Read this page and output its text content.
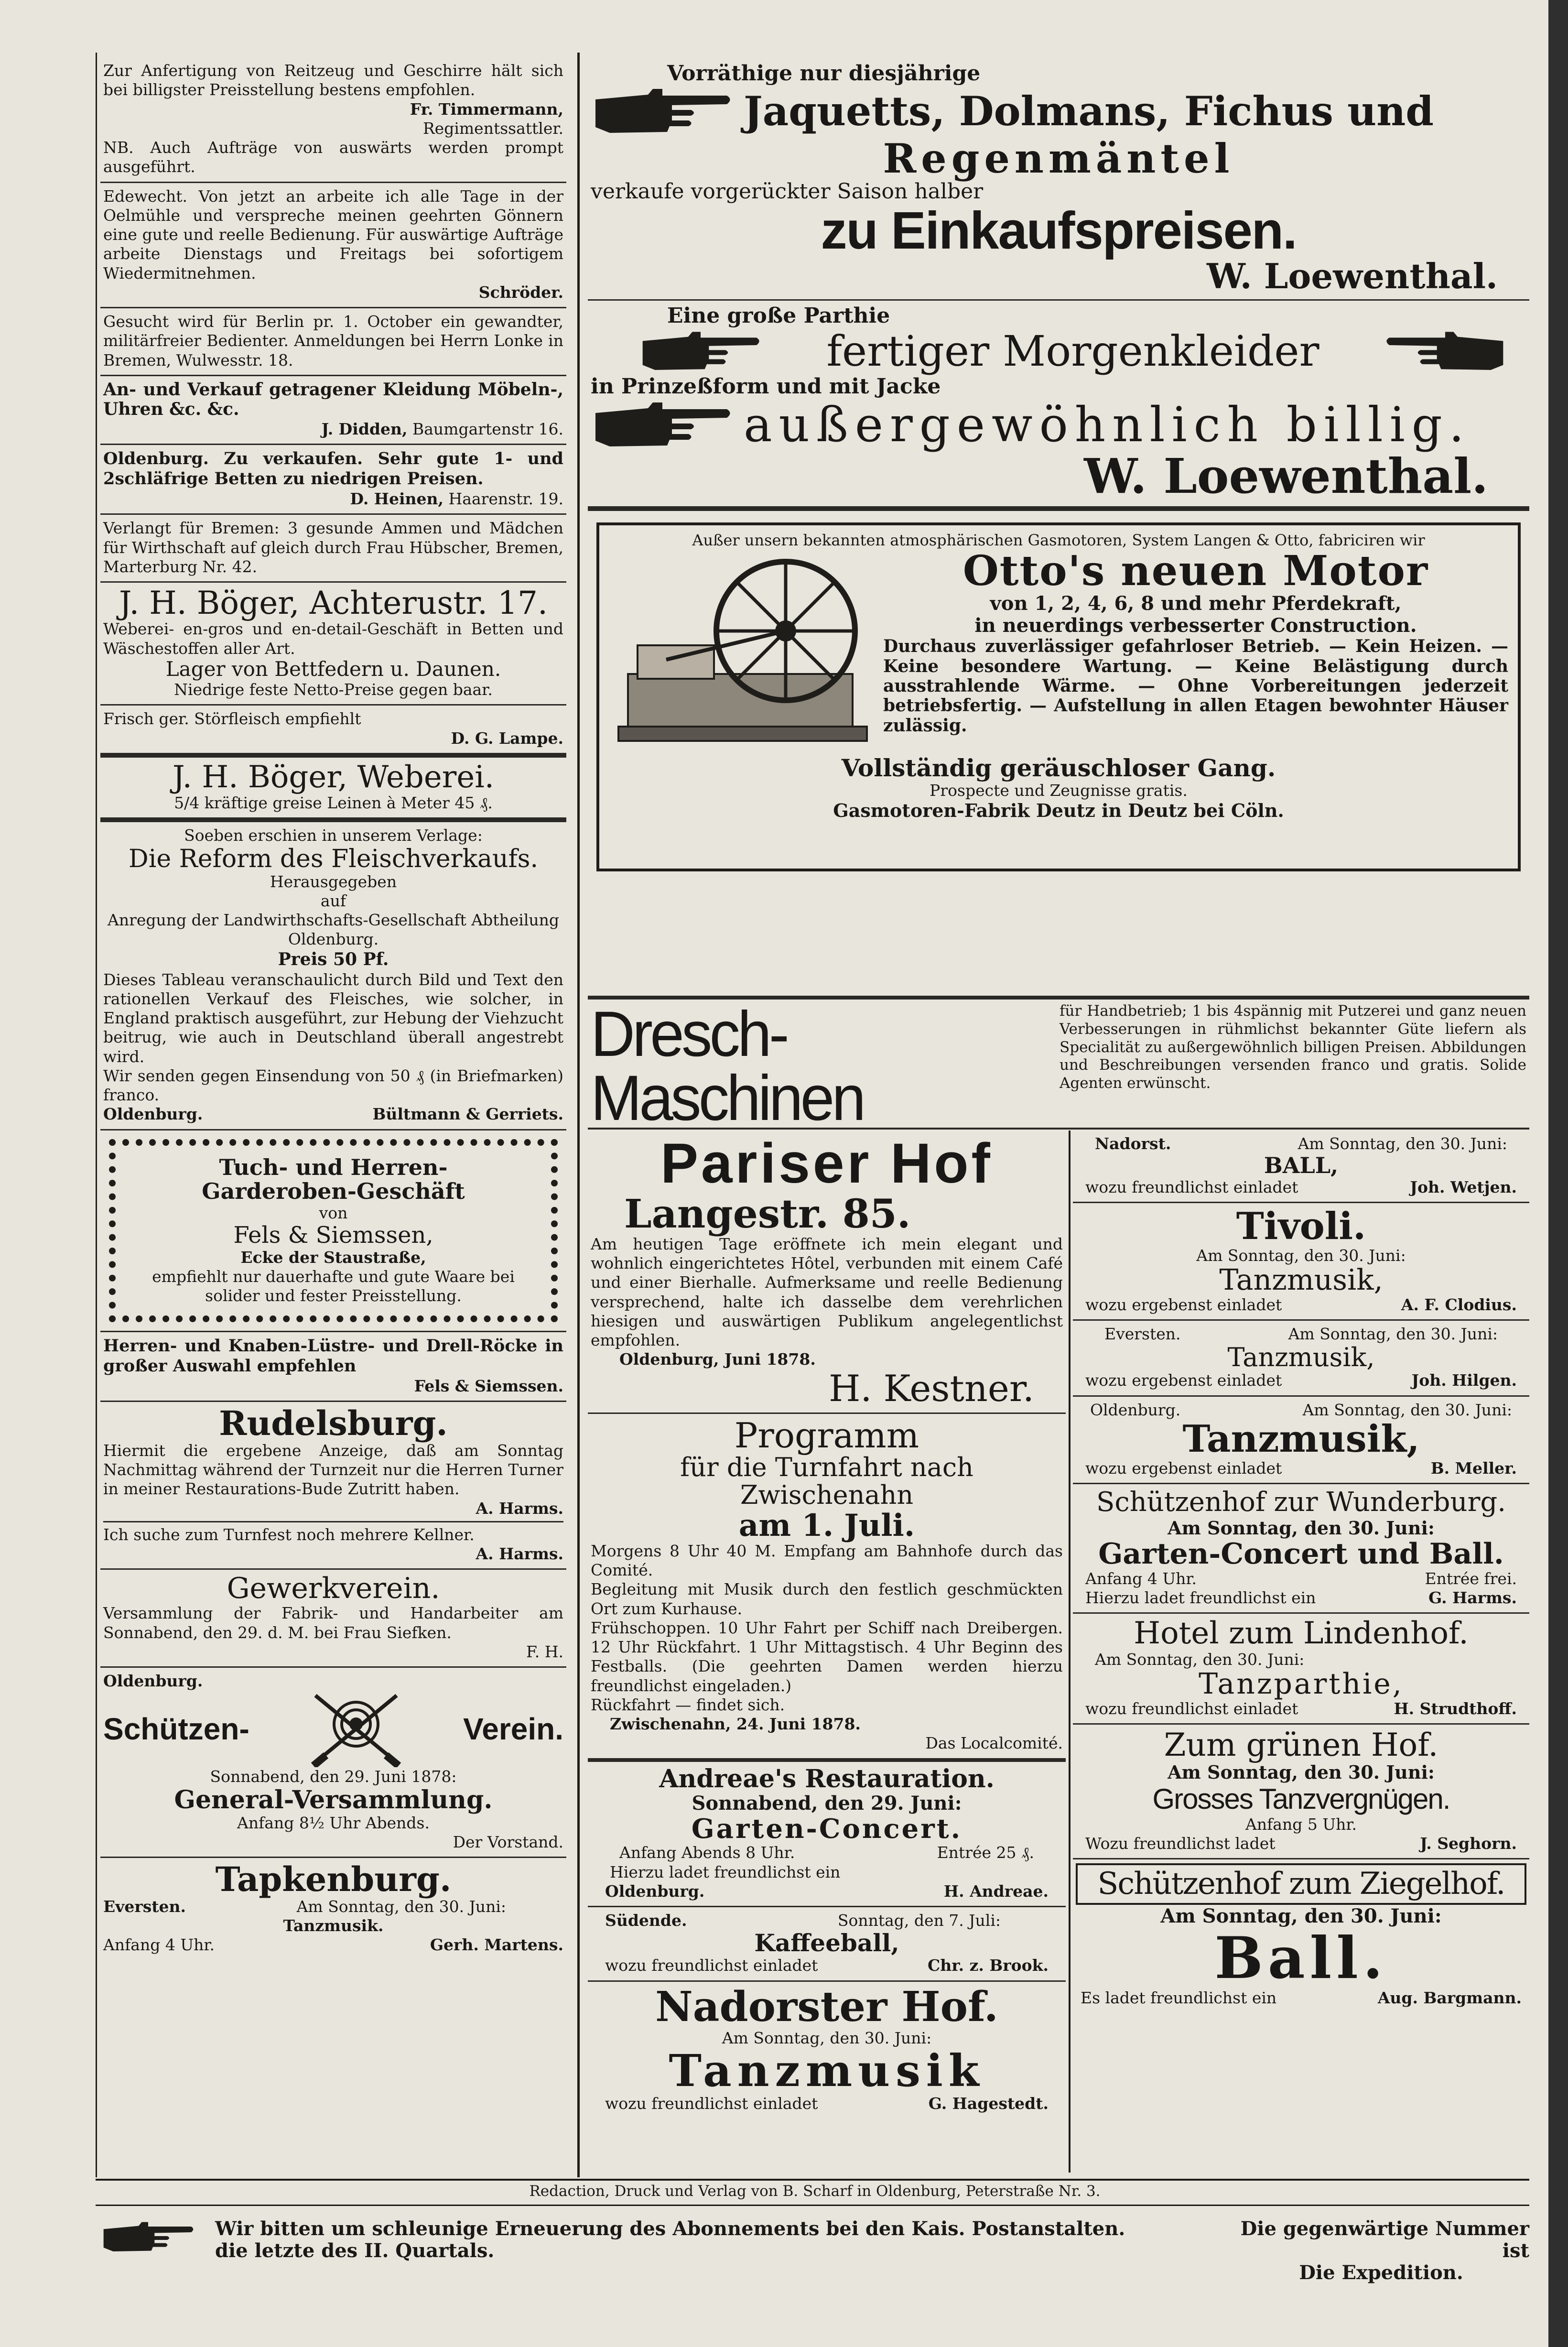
Zur Anfertigung von Reitzeug und Geschirre hält sich bei billigster Preisstellung bestens empfohlen.
Fr. Timmermann,
Regimentssattler.
NB. Auch Aufträge von auswärts werden prompt ausgeführt.
Edewecht. Von jetzt an arbeite ich alle Tage in der Oelmühle und verspreche meinen geehrten Gönnern eine gute und reelle Bedienung. Für auswärtige Aufträge arbeite Dienstags und Freitags bei sofortigem Wiedermitnehmen.
Schröder.
Gesucht wird für Berlin pr. 1. October ein gewandter, militärfreier Bedienter. Anmeldungen bei Herrn Lonke in Bremen, Wulwesstr. 18.
An- und Verkauf getragener Kleidung Möbeln-, Uhren &c. &c.
J. Didden, Baumgartenstr 16.
Oldenburg. Zu verkaufen. Sehr gute 1- und 2schläfrige Betten zu niedrigen Preisen.
D. Heinen, Haarenstr. 19.
Verlangt für Bremen: 3 gesunde Ammen und Mädchen für Wirthschaft auf gleich durch Frau Hübscher, Bremen, Marterburg Nr. 42.
J. H. Böger, Achterustr. 17.
Weberei- en-gros und en-detail-Geschäft in Betten und Wäschestoffen aller Art.
Lager von Bettfedern u. Daunen.
Niedrige feste Netto-Preise gegen baar.
Frisch ger. Störfleisch empfiehlt
D. G. Lampe.
J. H. Böger, Weberei.
5/4 kräftige greise Leinen à Meter 45 ₰.
Soeben erschien in unserem Verlage:
Die Reform des Fleischverkaufs.
Herausgegeben
auf
Anregung der Landwirthschafts-Gesellschaft Abtheilung Oldenburg.
Preis 50 Pf.
Dieses Tableau veranschaulicht durch Bild und Text den rationellen Verkauf des Fleisches, wie solcher, in England praktisch ausgeführt, zur Hebung der Viehzucht beitrug, wie auch in Deutschland überall angestrebt wird.
Wir senden gegen Einsendung von 50 ₰ (in Briefmarken) franco.
Oldenburg.	Bültmann & Gerriets.
Tuch- und Herren-
Garderoben-Geschäft
von
Fels & Siemssen,
Ecke der Staustraße,
empfiehlt nur dauerhafte und gute Waare bei solider und fester Preisstellung.
Herren- und Knaben-Lüstre- und Drell-Röcke in großer Auswahl empfehlen
Fels & Siemssen.
Rudelsburg.
Hiermit die ergebene Anzeige, daß am Sonntag Nachmittag während der Turnzeit nur die Herren Turner in meiner Restaurations-Bude Zutritt haben.
A. Harms.
Ich suche zum Turnfest noch mehrere Kellner.
A. Harms.
Gewerkverein.
Versammlung der Fabrik- und Handarbeiter am Sonnabend, den 29. d. M. bei Frau Siefken.
F. H.
Oldenburg.
Schützen-	Verein.
Sonnabend, den 29. Juni 1878:
General-Versammlung.
Anfang 8½ Uhr Abends.
Der Vorstand.
Tapkenburg.
Eversten.	Am Sonntag, den 30. Juni:
Tanzmusik.
Anfang 4 Uhr.	Gerh. Martens.
Vorräthige nur diesjährige
Jaquetts, Dolmans, Fichus und
Regenmäntel
verkaufe vorgerückter Saison halber
zu Einkaufspreisen.
W. Loewenthal.
Eine große Parthie
fertiger Morgenkleider
in Prinzeßform und mit Jacke
außergewöhnlich billig.
W. Loewenthal.
Außer unsern bekannten atmosphärischen Gasmotoren, System Langen & Otto, fabriciren wir
Otto's neuen Motor
von 1, 2, 4, 6, 8 und mehr Pferdekraft,
in neuerdings verbesserter Construction.
Durchaus zuverlässiger gefahrloser Betrieb. — Kein Heizen. — Keine besondere Wartung. — Keine Belästigung durch ausstrahlende Wärme. — Ohne Vorbereitungen jederzeit betriebsfertig. — Aufstellung in allen Etagen bewohnter Häuser zulässig.
Vollständig geräuschloser Gang.
Prospecte und Zeugnisse gratis.
Gasmotoren-Fabrik Deutz in Deutz bei Cöln.
Dresch-Maschinen
für Handbetrieb; 1 bis 4spännig mit Putzerei und ganz neuen Verbesserungen in rühmlichst bekannter Güte liefern als Specialität zu außergewöhnlich billigen Preisen. Abbildungen und Beschreibungen versenden franco und gratis. Solide Agenten erwünscht.
Pariser Hof
Langestr. 85.
Am heutigen Tage eröffnete ich mein elegant und wohnlich eingerichtetes Hôtel, verbunden mit einem Café und einer Bierhalle. Aufmerksame und reelle Bedienung versprechend, halte ich dasselbe dem verehrlichen hiesigen und auswärtigen Publikum angelegentlichst empfohlen.
Oldenburg, Juni 1878.
H. Kestner.
Programm
für die Turnfahrt nach Zwischenahn
am 1. Juli.
Morgens 8 Uhr 40 M. Empfang am Bahnhofe durch das Comité.
Begleitung mit Musik durch den festlich geschmückten Ort zum Kurhause.
Frühschoppen. 10 Uhr Fahrt per Schiff nach Dreibergen. 12 Uhr Rückfahrt. 1 Uhr Mittagstisch. 4 Uhr Beginn des Festballs. (Die geehrten Damen werden hierzu freundlichst eingeladen.)
Rückfahrt — findet sich.
Zwischenahn, 24. Juni 1878.
Das Localcomité.
Andreae's Restauration.
Sonnabend, den 29. Juni:
Garten-Concert.
Anfang Abends 8 Uhr.	Entrée 25 ₰.
Hierzu ladet freundlichst ein
Oldenburg.	H. Andreae.
Südende.	Sonntag, den 7. Juli:
Kaffeeball,
wozu freundlichst einladet	Chr. z. Brook.
Nadorster Hof.
Am Sonntag, den 30. Juni:
Tanzmusik
wozu freundlichst einladet	G. Hagestedt.
Nadorst.	Am Sonntag, den 30. Juni:
BALL,
wozu freundlichst einladet	Joh. Wetjen.
Tivoli.
Am Sonntag, den 30. Juni:
Tanzmusik,
wozu ergebenst einladet	A. F. Clodius.
Eversten.	Am Sonntag, den 30. Juni:
Tanzmusik,
wozu ergebenst einladet	Joh. Hilgen.
Oldenburg.	Am Sonntag, den 30. Juni:
Tanzmusik,
wozu ergebenst einladet	B. Meller.
Schützenhof zur Wunderburg.
Am Sonntag, den 30. Juni:
Garten-Concert und Ball.
Anfang 4 Uhr.	Entrée frei.
Hierzu ladet freundlichst ein	G. Harms.
Hotel zum Lindenhof.
Am Sonntag, den 30. Juni:
Tanzparthie,
wozu freundlichst einladet	H. Strudthoff.
Zum grünen Hof.
Am Sonntag, den 30. Juni:
Grosses Tanzvergnügen.
Anfang 5 Uhr.
Wozu freundlichst ladet	J. Seghorn.
Schützenhof zum Ziegelhof.
Am Sonntag, den 30. Juni:
Ball.
Es ladet freundlichst ein	Aug. Bargmann.
Redaction, Druck und Verlag von B. Scharf in Oldenburg, Peterstraße Nr. 3.
Wir bitten um schleunige Erneuerung des Abonnements bei den Kais. Postanstalten.
die letzte des II. Quartals.
Die gegenwärtige Nummer ist
Die Expedition.
